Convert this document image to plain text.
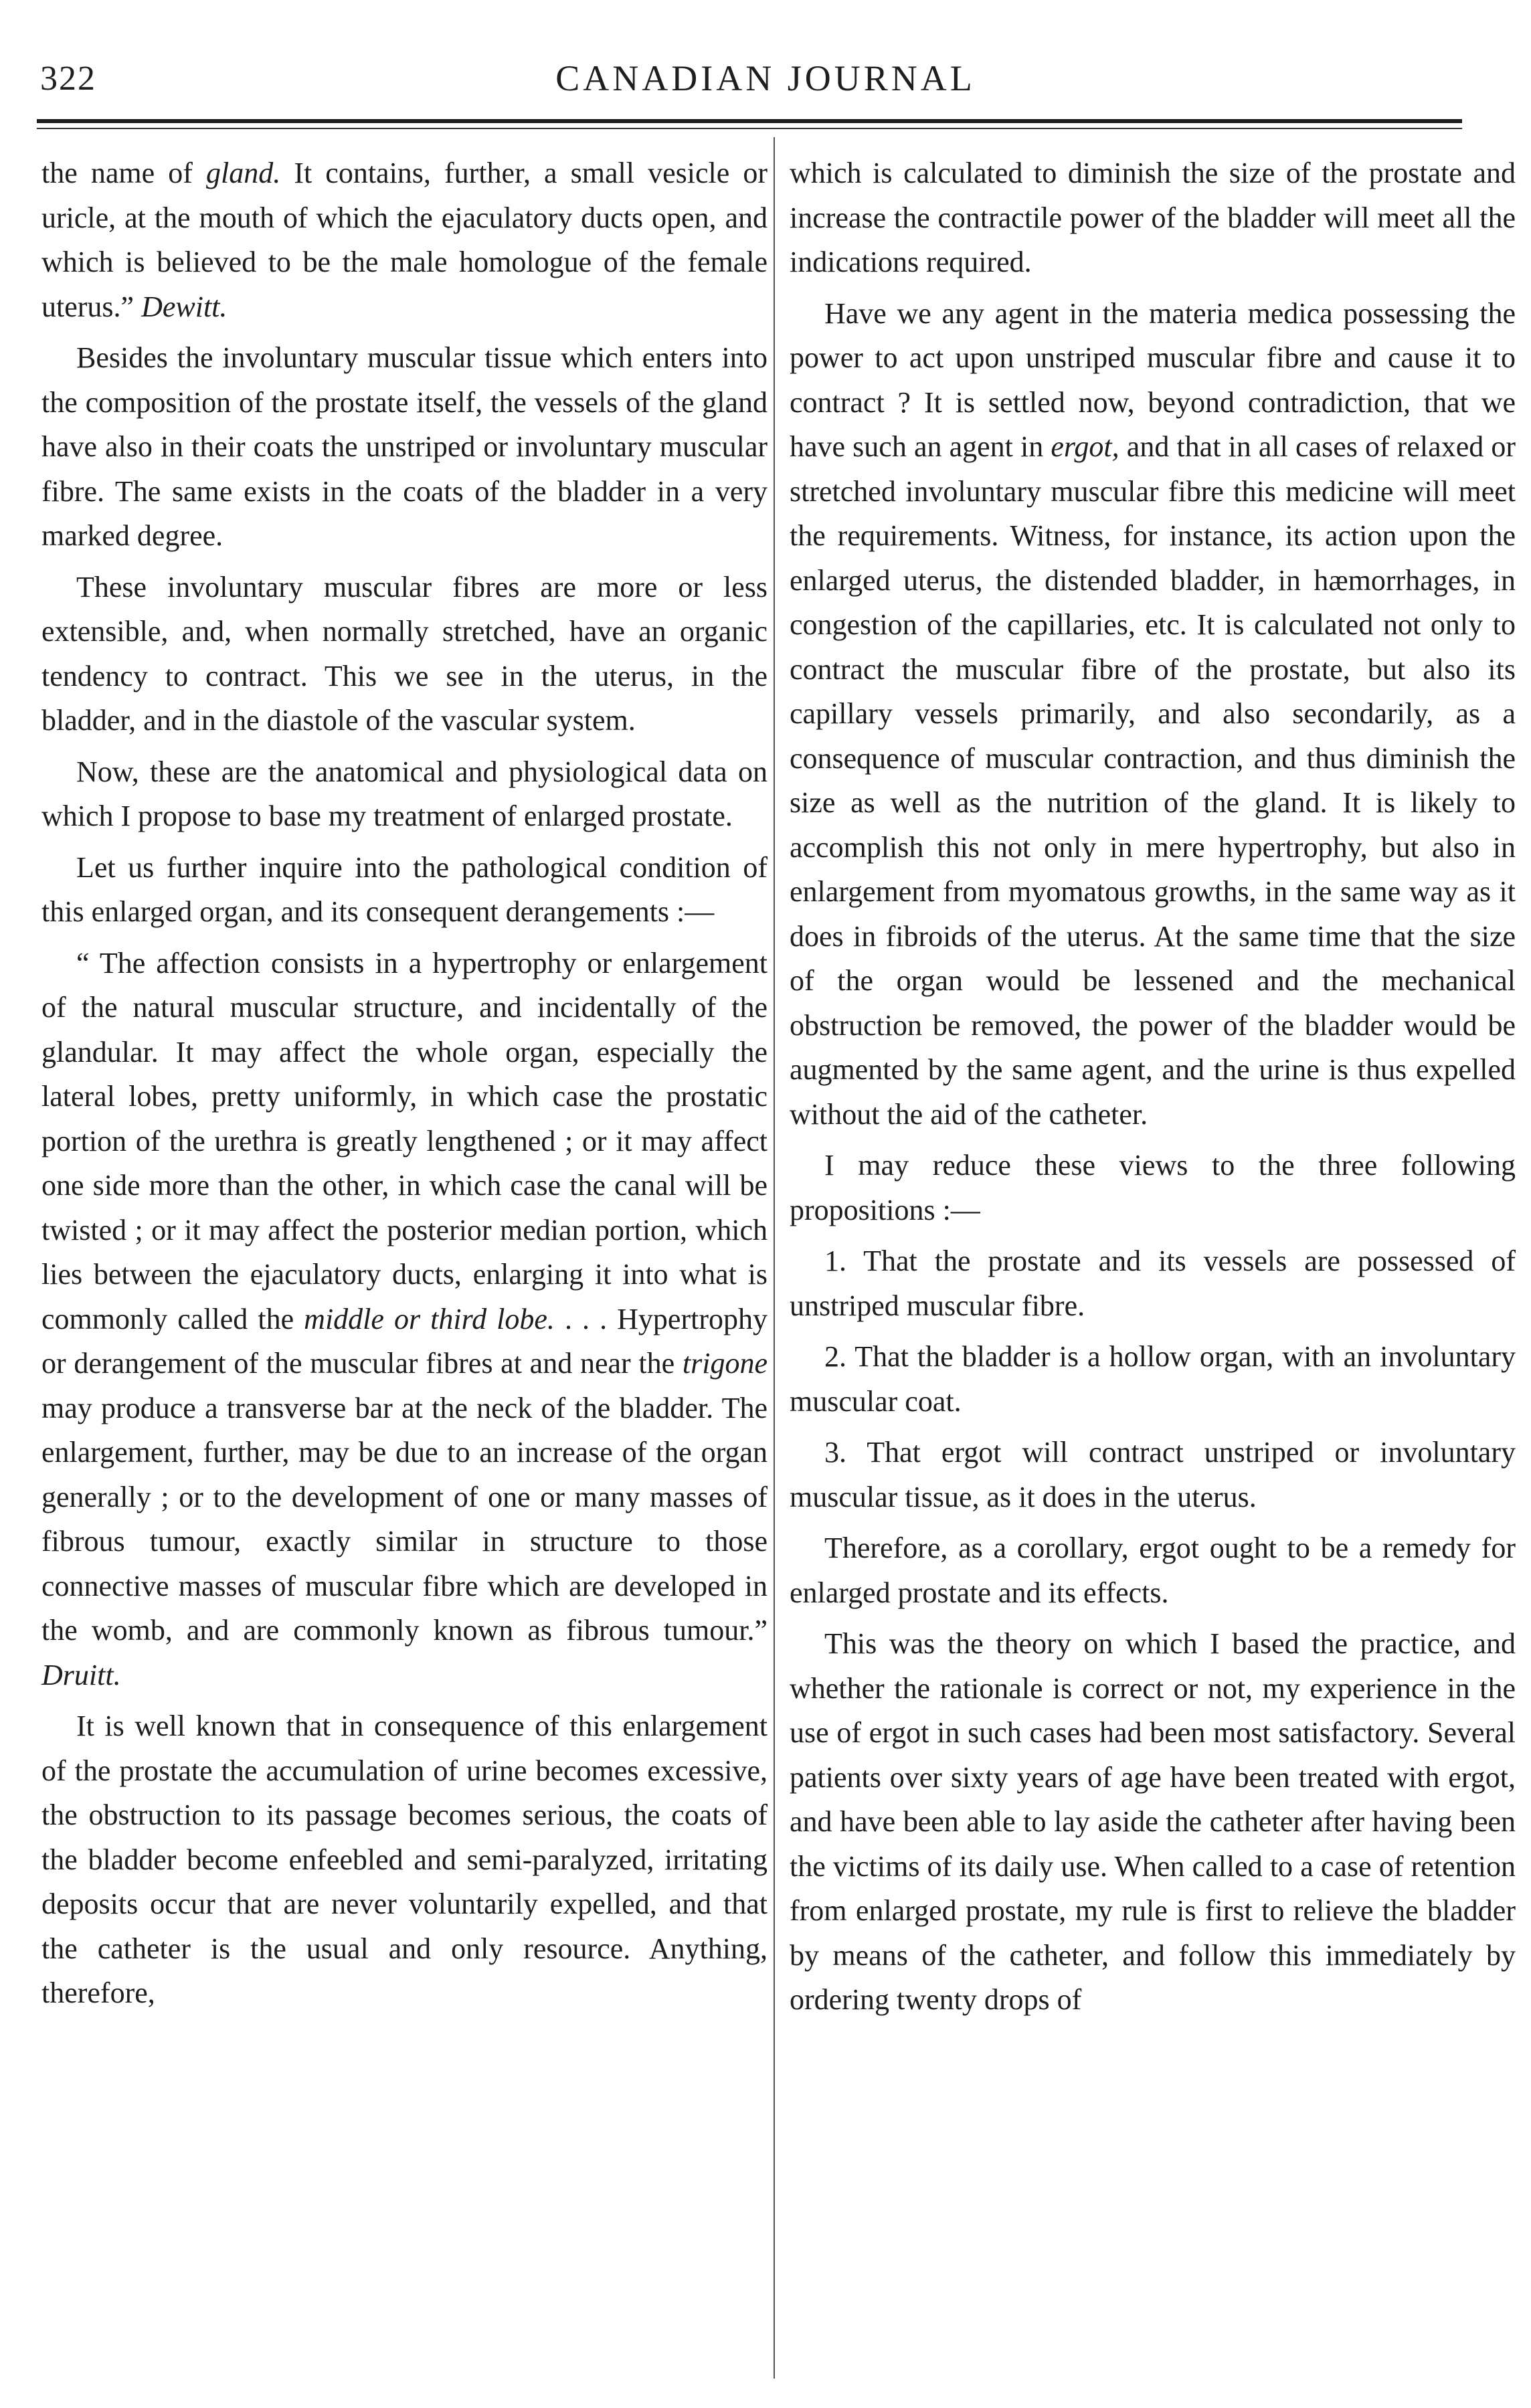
322	CANADIAN JOURNAL

the name of gland. It contains, further, a small vesicle or uricle, at the mouth of which the ejaculatory ducts open, and which is believed to be the male homologue of the female uterus.” Dewitt.

Besides the involuntary muscular tissue which enters into the composition of the prostate itself, the vessels of the gland have also in their coats the unstriped or involuntary muscular fibre. The same exists in the coats of the bladder in a very marked degree.

These involuntary muscular fibres are more or less extensible, and, when normally stretched, have an organic tendency to contract. This we see in the uterus, in the bladder, and in the diastole of the vascular system.

Now, these are the anatomical and physiological data on which I propose to base my treatment of enlarged prostate.

Let us further inquire into the pathological condition of this enlarged organ, and its consequent derangements :—

“ The affection consists in a hypertrophy or enlargement of the natural muscular structure, and incidentally of the glandular. It may affect the whole organ, especially the lateral lobes, pretty uniformly, in which case the prostatic portion of the urethra is greatly lengthened ; or it may affect one side more than the other, in which case the canal will be twisted ; or it may affect the posterior median portion, which lies between the ejaculatory ducts, enlarging it into what is commonly called the middle or third lobe. . . . Hypertrophy or derangement of the muscular fibres at and near the trigone may produce a transverse bar at the neck of the bladder. The enlargement, further, may be due to an increase of the organ generally ; or to the development of one or many masses of fibrous tumour, exactly similar in structure to those connective masses of muscular fibre which are developed in the womb, and are commonly known as fibrous tumour.” Druitt.

It is well known that in consequence of this enlargement of the prostate the accumulation of urine becomes excessive, the obstruction to its passage becomes serious, the coats of the bladder become enfeebled and semi-paralyzed, irritating deposits occur that are never voluntarily expelled, and that the catheter is the usual and only resource. Anything, therefore,

which is calculated to diminish the size of the prostate and increase the contractile power of the bladder will meet all the indications required.

Have we any agent in the materia medica possessing the power to act upon unstriped muscular fibre and cause it to contract ? It is settled now, beyond contradiction, that we have such an agent in ergot, and that in all cases of relaxed or stretched involuntary muscular fibre this medicine will meet the requirements. Witness, for instance, its action upon the enlarged uterus, the distended bladder, in hæmorrhages, in congestion of the capillaries, etc. It is calculated not only to contract the muscular fibre of the prostate, but also its capillary vessels primarily, and also secondarily, as a consequence of muscular contraction, and thus diminish the size as well as the nutrition of the gland. It is likely to accomplish this not only in mere hypertrophy, but also in enlargement from myomatous growths, in the same way as it does in fibroids of the uterus. At the same time that the size of the organ would be lessened and the mechanical obstruction be removed, the power of the bladder would be augmented by the same agent, and the urine is thus expelled without the aid of the catheter.

I may reduce these views to the three following propositions :—

1. That the prostate and its vessels are possessed of unstriped muscular fibre.

2. That the bladder is a hollow organ, with an involuntary muscular coat.

3. That ergot will contract unstriped or involuntary muscular tissue, as it does in the uterus.

Therefore, as a corollary, ergot ought to be a remedy for enlarged prostate and its effects.

This was the theory on which I based the practice, and whether the rationale is correct or not, my experience in the use of ergot in such cases had been most satisfactory. Several patients over sixty years of age have been treated with ergot, and have been able to lay aside the catheter after having been the victims of its daily use. When called to a case of retention from enlarged prostate, my rule is first to relieve the bladder by means of the catheter, and follow this immediately by ordering twenty drops of
